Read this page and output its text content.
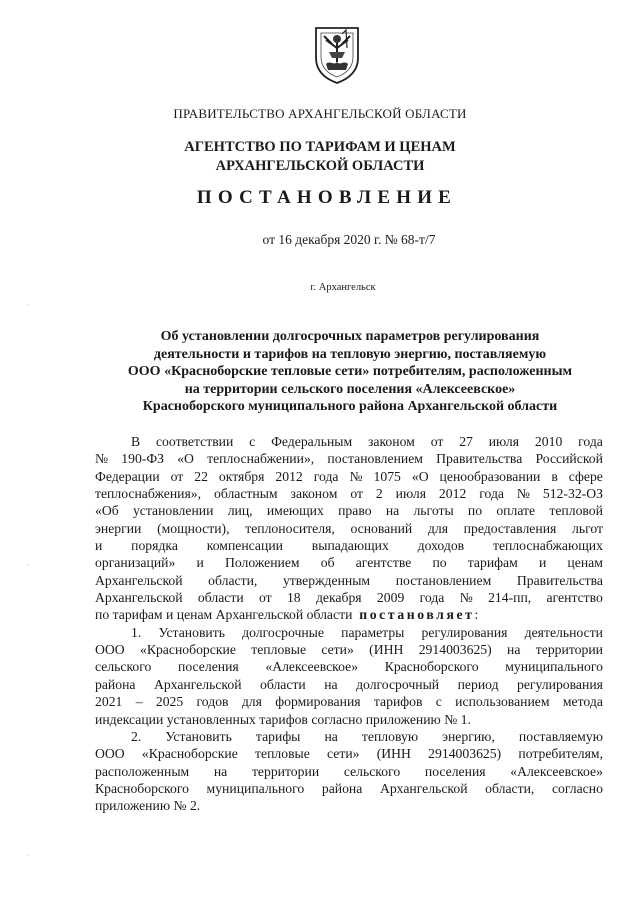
ПРАВИТЕЛЬСТВО АРХАНГЕЛЬСКОЙ ОБЛАСТИ
АГЕНТСТВО ПО ТАРИФАМ И ЦЕНАМ
АРХАНГЕЛЬСКОЙ ОБЛАСТИ
ПОСТАНОВЛЕНИЕ
от 16 декабря 2020 г. № 68-т/7
г. Архангельск
Об установлении долгосрочных параметров регулирования
деятельности и тарифов на тепловую энергию, поставляемую
ООО «Красноборские тепловые сети» потребителям, расположенным
на территории сельского поселения «Алексеевское»
Красноборского муниципального района Архангельской области
В соответствии с Федеральным законом от 27 июля 2010 года
№ 190-ФЗ «О теплоснабжении», постановлением Правительства Российской
Федерации от 22 октября 2012 года № 1075 «О ценообразовании в сфере
теплоснабжения», областным законом от 2 июля 2012 года № 512-32-ОЗ
«Об установлении лиц, имеющих право на льготы по оплате тепловой
энергии (мощности), теплоносителя, оснований для предоставления льгот
и порядка компенсации выпадающих доходов теплоснабжающих
организаций» и Положением об агентстве по тарифам и ценам
Архангельской области, утвержденным постановлением Правительства
Архангельской области от 18 декабря 2009 года № 214-пп, агентство
по тарифам и ценам Архангельской области
постановляет :
1. Установить долгосрочные параметры регулирования деятельности
ООО «Красноборские тепловые сети» (ИНН 2914003625) на территории
сельского поселения «Алексеевское» Красноборского муниципального
района Архангельской области на долгосрочный период регулирования
2021 – 2025 годов для формирования тарифов с использованием метода
индексации установленных тарифов согласно приложению № 1.
2. Установить тарифы на тепловую энергию, поставляемую
ООО «Красноборские тепловые сети» (ИНН 2914003625) потребителям,
расположенным на территории сельского поселения «Алексеевское»
Красноборского муниципального района Архангельской области, согласно
приложению № 2.
·
·
·
